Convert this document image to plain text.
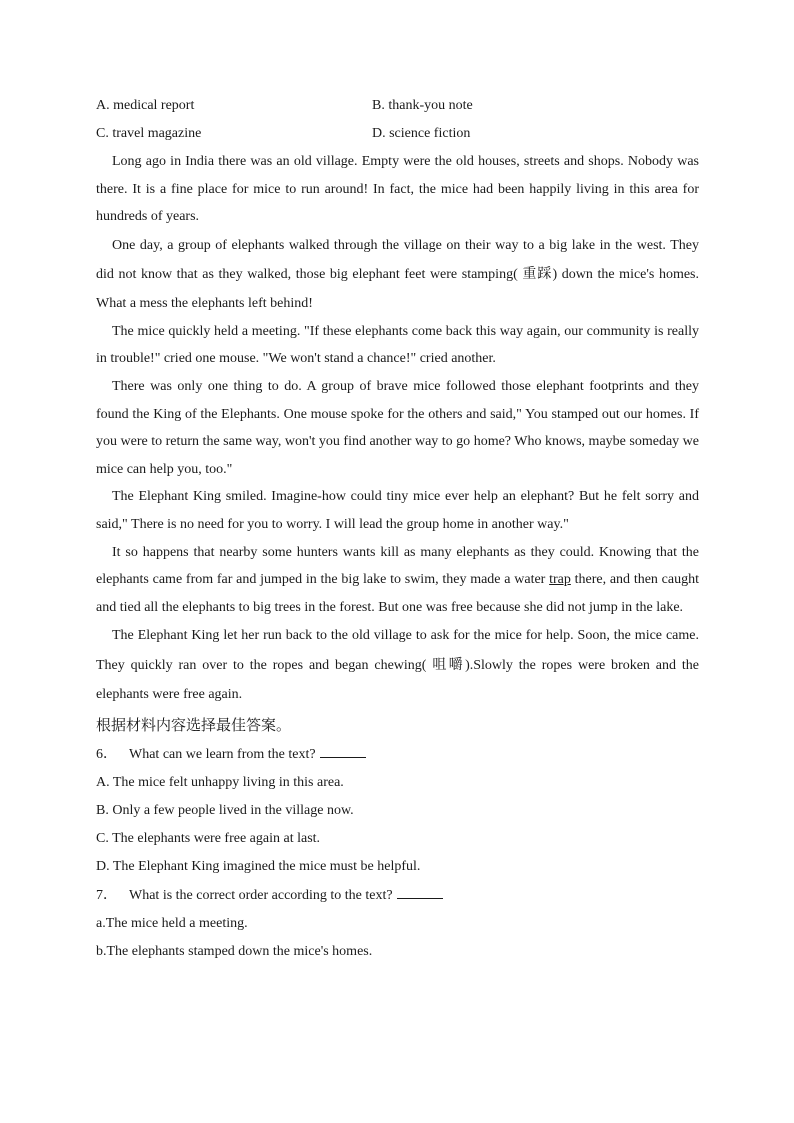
A. medical report	B. thank-you note
C. travel magazine	D. science fiction

Long ago in India there was an old village. Empty were the old houses, streets and shops. Nobody was there. It is a fine place for mice to run around! In fact, the mice had been happily living in this area for hundreds of years.

One day, a group of elephants walked through the village on their way to a big lake in the west. They did not know that as they walked, those big elephant feet were stamping( 重踩) down the mice's homes. What a mess the elephants left behind!

The mice quickly held a meeting. "If these elephants come back this way again, our community is really in trouble!" cried one mouse. "We won't stand a chance!" cried another.

There was only one thing to do. A group of brave mice followed those elephant footprints and they found the King of the Elephants. One mouse spoke for the others and said," You stamped out our homes. If you were to return the same way, won't you find another way to go home? Who knows, maybe someday we mice can help you, too."

The Elephant King smiled. Imagine-how could tiny mice ever help an elephant? But he felt sorry and said," There is no need for you to worry. I will lead the group home in another way."

It so happens that nearby some hunters wants kill as many elephants as they could. Knowing that the elephants came from far and jumped in the big lake to swim, they made a water trap there, and then caught and tied all the elephants to big trees in the forest. But one was free because she did not jump in the lake.

The Elephant King let her run back to the old village to ask for the mice for help. Soon, the mice came. They quickly ran over to the ropes and began chewing( 咀嚼).Slowly the ropes were broken and the elephants were free again.

根据材料内容选择最佳答案。

6． What can we learn from the text?

A. The mice felt unhappy living in this area.

B. Only a few people lived in the village now.

C. The elephants were free again at last.

D. The Elephant King imagined the mice must be helpful.

7． What is the correct order according to the text?

a.The mice held a meeting.

b.The elephants stamped down the mice's homes.
